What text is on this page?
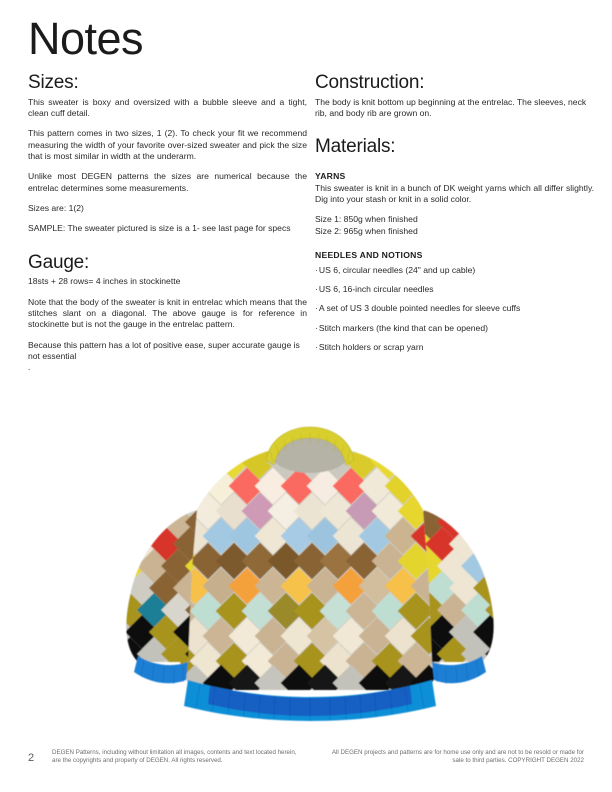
Notes
Sizes:

This sweater is boxy and oversized with a bubble sleeve and a tight, clean cuff detail.

This pattern comes in two sizes, 1 (2). To check your fit we recommend measuring the width of your favorite over-sized sweater and pick the size that is most similar in width at the underarm.

Unlike most DEGEN patterns the sizes are numerical because the entrelac determines some measurements.

Sizes are: 1(2)

SAMPLE: The sweater pictured is size is a 1- see last page for specs

Gauge:

18sts + 28 rows= 4 inches in stockinette

Note that the body of the sweater is knit in entrelac which means that the stitches slant on a diagonal. The above gauge is for reference in stockinette but is not the gauge in the entrelac pattern.

Because this pattern has a lot of positive ease, super accurate gauge is not essential

.

Construction:

The body is knit bottom up beginning at the entrelac. The sleeves, neck rib, and body rib are grown on.

Materials:
YARNS

This sweater is knit in a bunch of DK weight yarns which all differ slightly. Dig into your stash or knit in a solid color.

Size 1: 850g when finished
Size 2: 965g when finished
NEEDLES AND NOTIONS
· US 6, circular needles (24" and up cable)
· US 6, 16-inch circular needles
· A set of US 3 double pointed needles for sleeve cuffs
· Stitch markers (the kind that can be opened)
· Stitch holders or scrap yarn
2	DEGEN Patterns, including without limitation all images, contents and text located herein, are the copyrights and property of DEGEN. All rights reserved.
All DEGEN projects and patterns are for home use only and are not to be resold or made for sale to third parties. COPYRIGHT DEGEN 2022
